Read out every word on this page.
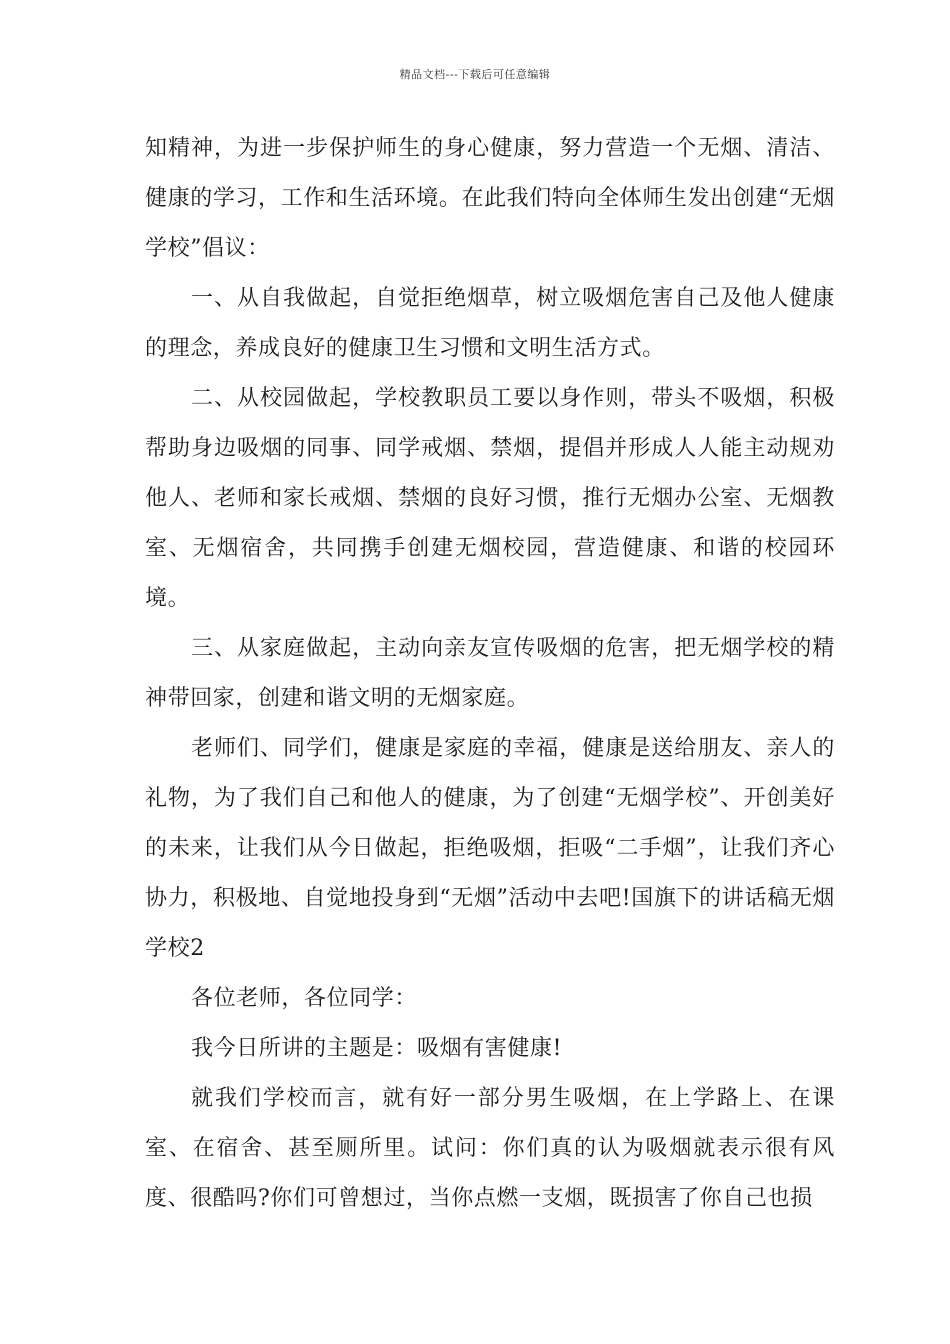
精品文档---下载后可任意编辑

知精神，为进一步保护师生的身心健康，努力营造一个无烟、清洁、健康的学习，工作和生活环境。在此我们特向全体师生发出创建“无烟学校”倡议：

一、从自我做起，自觉拒绝烟草，树立吸烟危害自己及他人健康的理念，养成良好的健康卫生习惯和文明生活方式。

二、从校园做起，学校教职员工要以身作则，带头不吸烟，积极帮助身边吸烟的同事、同学戒烟、禁烟，提倡并形成人人能主动规劝他人、老师和家长戒烟、禁烟的良好习惯，推行无烟办公室、无烟教室、无烟宿舍，共同携手创建无烟校园，营造健康、和谐的校园环境。

三、从家庭做起，主动向亲友宣传吸烟的危害，把无烟学校的精神带回家，创建和谐文明的无烟家庭。

老师们、同学们，健康是家庭的幸福，健康是送给朋友、亲人的礼物，为了我们自己和他人的健康，为了创建“无烟学校”、开创美好的未来，让我们从今日做起，拒绝吸烟，拒吸“二手烟”，让我们齐心协力，积极地、自觉地投身到“无烟”活动中去吧!国旗下的讲话稿无烟学校2

各位老师，各位同学：

我今日所讲的主题是：吸烟有害健康!

就我们学校而言，就有好一部分男生吸烟，在上学路上、在课室、在宿舍、甚至厕所里。试问：你们真的认为吸烟就表示很有风度、很酷吗?你们可曾想过，当你点燃一支烟，既损害了你自己也损
